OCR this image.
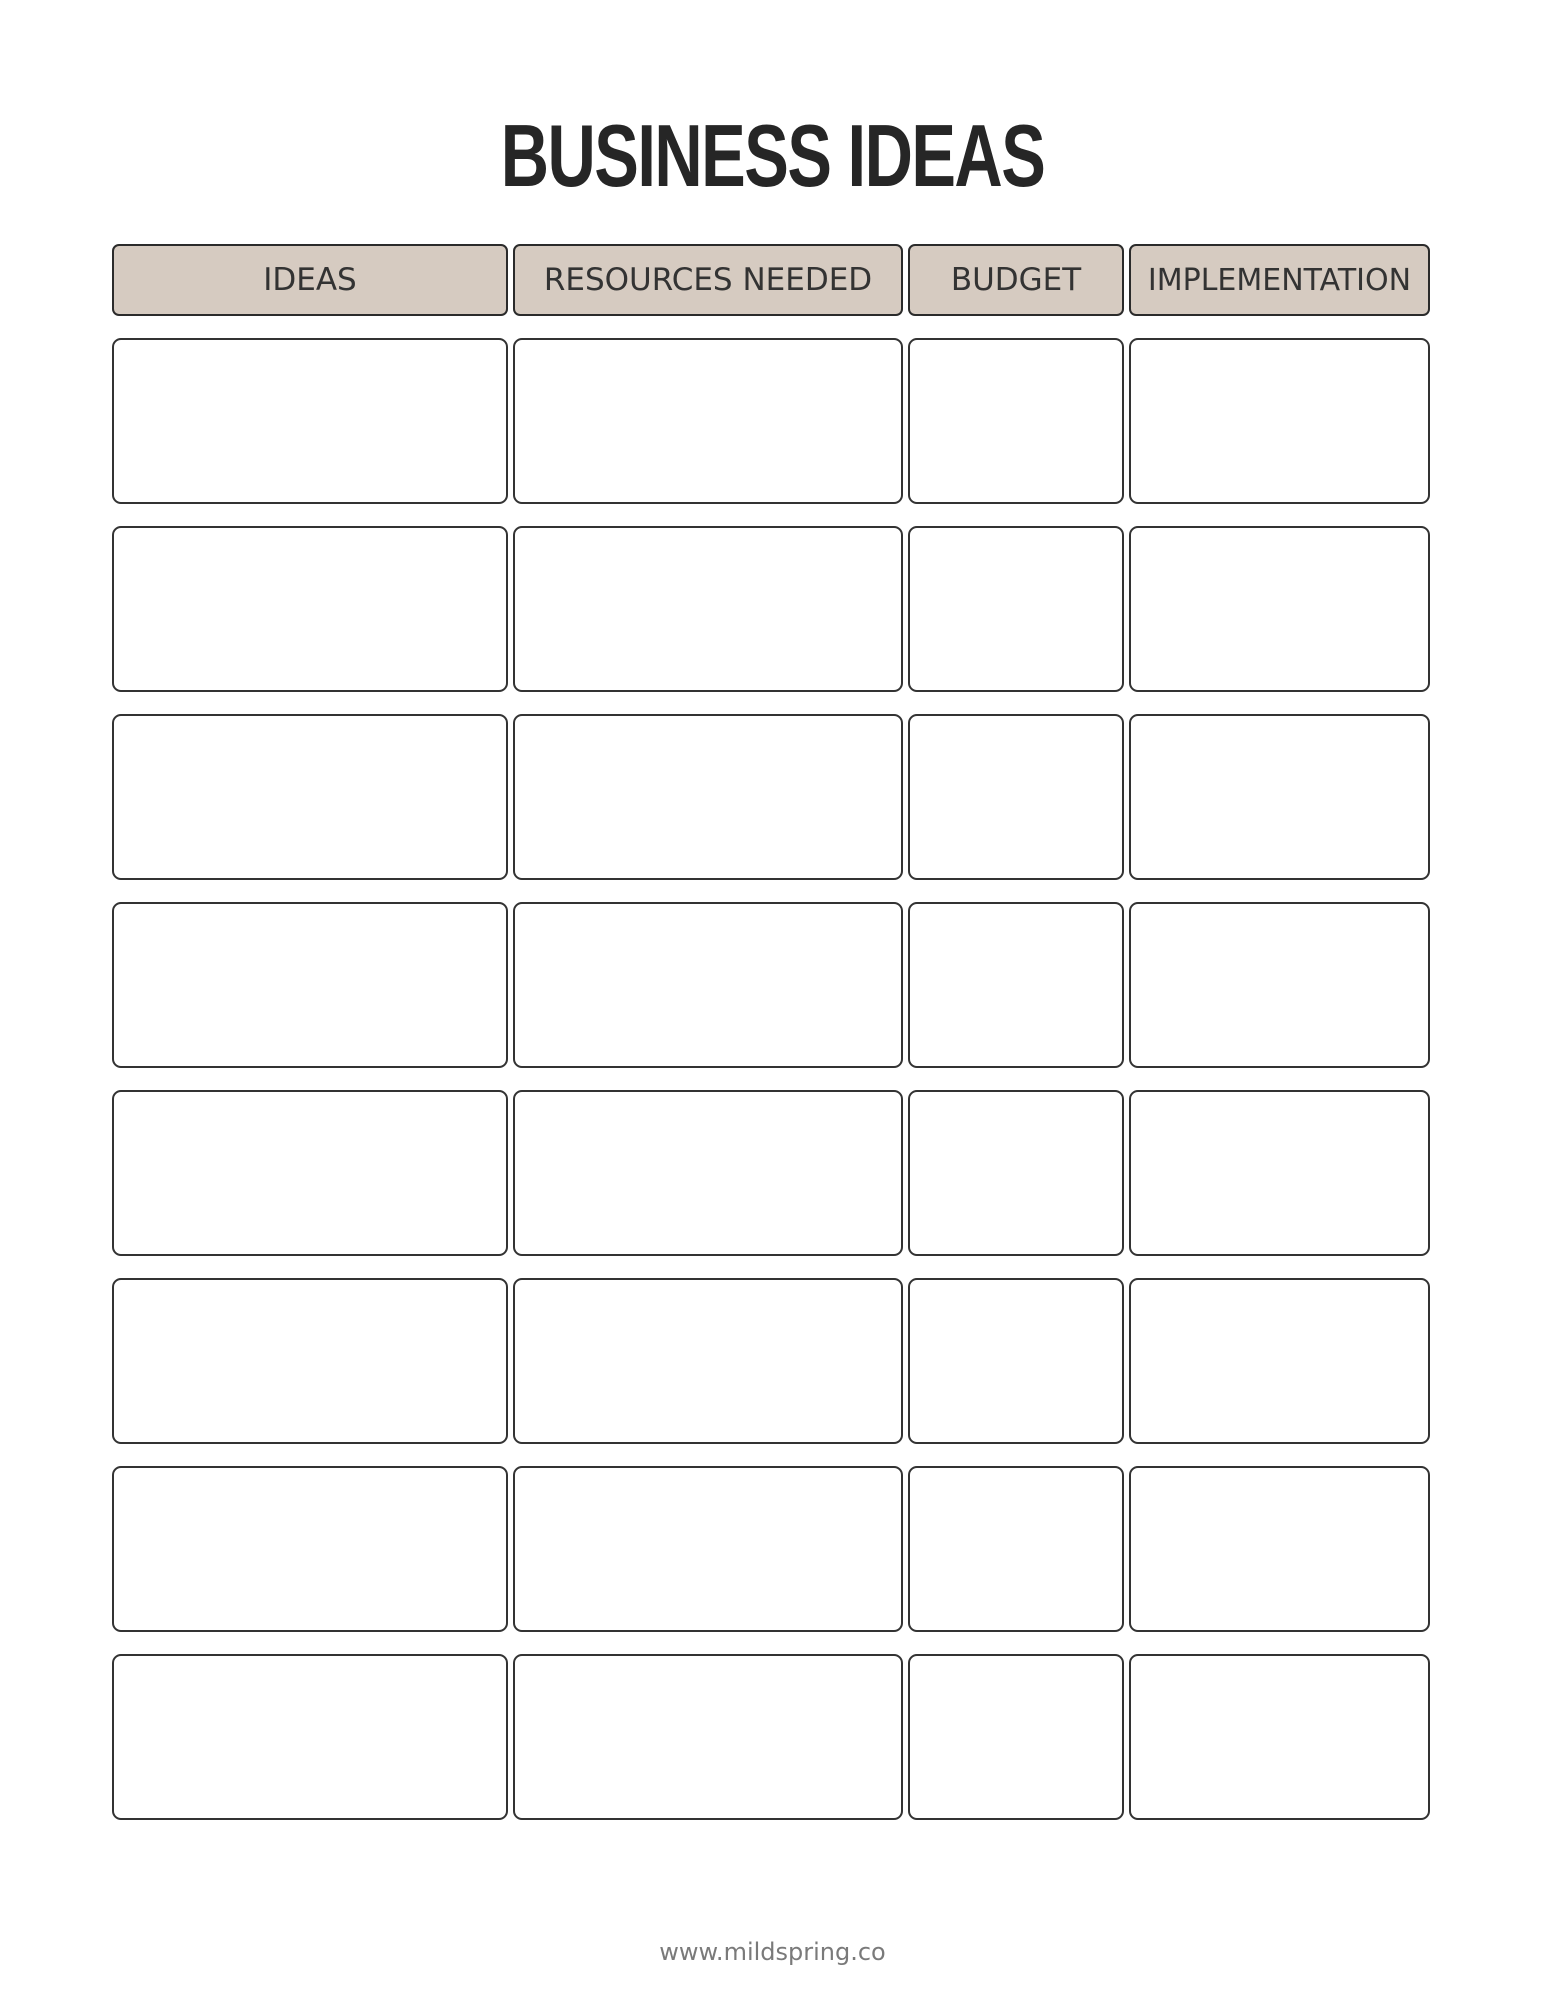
BUSINESS IDEAS
IDEAS	RESOURCES NEEDED	BUDGET	IMPLEMENTATION
www.mildspring.co
